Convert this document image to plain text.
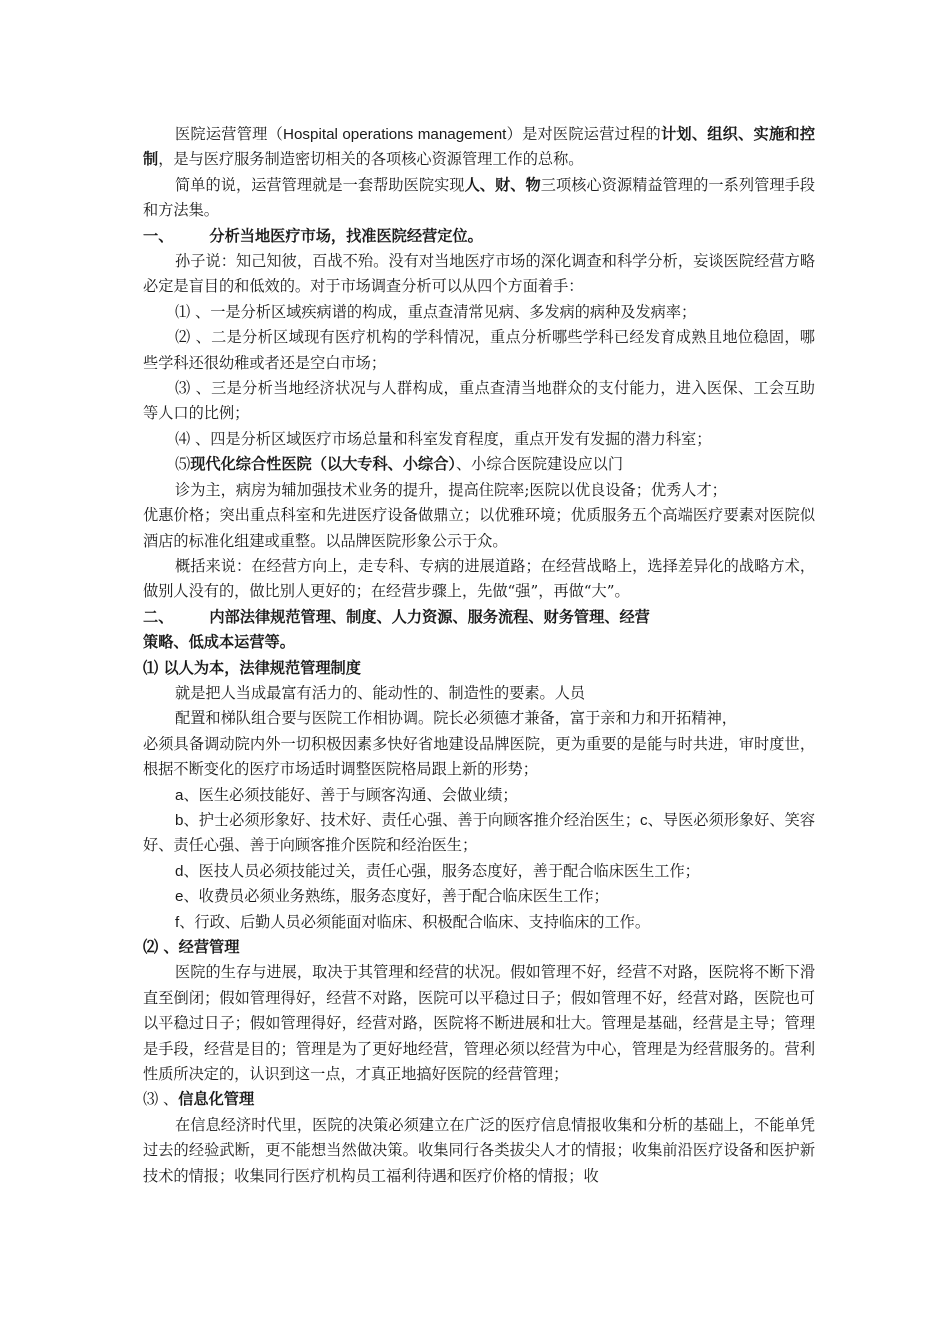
医院运营管理（Hospital operations management）是对医院运营过程的计划、组织、实施和控制，是与医疗服务制造密切相关的各项核心资源管理工作的总称。

简单的说，运营管理就是一套帮助医院实现人、财、物三项核心资源精益管理的一系列管理手段和方法集。

一、 分析当地医疗市场，找准医院经营定位。

孙子说：知己知彼，百战不殆。没有对当地医疗市场的深化调查和科学分析，妄谈医院经营方略必定是盲目的和低效的。对于市场调查分析可以从四个方面着手：

⑴ 、一是分析区域疾病谱的构成，重点查清常见病、多发病的病种及发病率；

⑵ 、二是分析区域现有医疗机构的学科情况，重点分析哪些学科已经发育成熟且地位稳固，哪些学科还很幼稚或者还是空白市场；

⑶ 、三是分析当地经济状况与人群构成，重点查清当地群众的支付能力，进入医保、工会互助等人口的比例；

⑷ 、四是分析区域医疗市场总量和科室发育程度，重点开发有发掘的潜力科室；

⑸现代化综合性医院（以大专科、小综合）、小综合医院建设应以门

诊为主，病房为辅加强技术业务的提升，提高住院率;医院以优良设备；优秀人才；

优惠价格；突出重点科室和先进医疗设备做鼎立；以优雅环境；优质服务五个高端医疗要素对医院似酒店的标准化组建或重整。以品牌医院形象公示于众。

概括来说：在经营方向上，走专科、专病的进展道路；在经营战略上，选择差异化的战略方术，做别人没有的，做比别人更好的；在经营步骤上，先做“强”，再做“大”。

二、 内部法律规范管理、制度、人力资源、服务流程、财务管理、经营

策略、低成本运营等。

⑴ 以人为本，法律规范管理制度

就是把人当成最富有活力的、能动性的、制造性的要素。人员

配置和梯队组合要与医院工作相协调。院长必须德才兼备，富于亲和力和开拓精神，

必须具备调动院内外一切积极因素多快好省地建设品牌医院，更为重要的是能与时共进，审时度世，根据不断变化的医疗市场适时调整医院格局跟上新的形势；

a、医生必须技能好、善于与顾客沟通、会做业绩；

b、护士必须形象好、技术好、责任心强、善于向顾客推介经治医生；c、导医必须形象好、笑容好、责任心强、善于向顾客推介医院和经治医生；

d、医技人员必须技能过关，责任心强，服务态度好，善于配合临床医生工作；

e、收费员必须业务熟练，服务态度好，善于配合临床医生工作；

f、行政、后勤人员必须能面对临床、积极配合临床、支持临床的工作。

⑵ 、经营管理

医院的生存与进展，取决于其管理和经营的状况。假如管理不好，经营不对路，医院将不断下滑直至倒闭；假如管理得好，经营不对路，医院可以平稳过日子；假如管理不好，经营对路，医院也可以平稳过日子；假如管理得好，经营对路，医院将不断进展和壮大。管理是基础，经营是主导；管理是手段，经营是目的；管理是为了更好地经营，管理必须以经营为中心，管理是为经营服务的。营利性质所决定的，认识到这一点，才真正地搞好医院的经营管理；

⑶ 、信息化管理

在信息经济时代里，医院的决策必须建立在广泛的医疗信息情报收集和分析的基础上，不能单凭过去的经验武断，更不能想当然做决策。收集同行各类拔尖人才的情报；收集前沿医疗设备和医护新技术的情报；收集同行医疗机构员工福利待遇和医疗价格的情报；收
